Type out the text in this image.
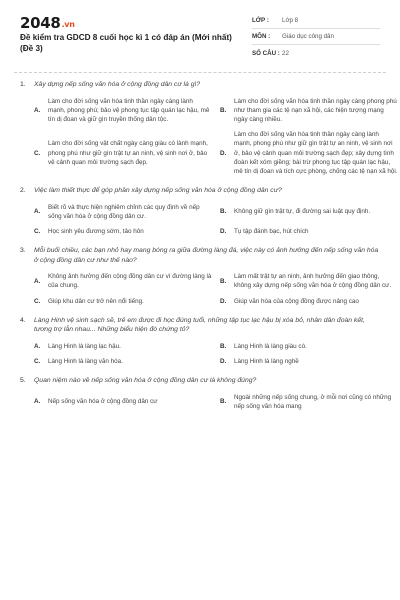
2048.vn
Đề kiểm tra GDCD 8 cuối học kì 1 có đáp án (Mới nhất) (Đề 3)
LỚP :	Lớp 8
MÔN :	Giáo dục công dân
SỐ CÂU : 22
1.	Xây dựng nếp sống văn hóa ở cộng đồng dân cư là gì?
A.
Làm cho đời sống văn hóa tinh thần ngày càng lành mạnh, phong phú; bảo vệ phong tục tập quán lạc hậu, mê tín dị đoan và giữ gìn truyền thống dân tộc.
B.
Làm cho đời sống văn hóa tinh thần ngày càng phong phú như tham gia các tệ nạn xã hội, các hiện tượng mạng ngày càng nhiều.
C.
Làm cho đời sống vật chất ngày càng giàu có lành mạnh, phong phú như giữ gìn trật tự an ninh, vệ sinh nơi ở, bảo vệ cảnh quan môi trường sạch đẹp.
D.
Làm cho đời sống văn hóa tinh thần ngày càng lành mạnh, phong phú như giữ gìn trật tự an ninh, vệ sinh nơi ở, bảo vệ cảnh quan môi trường sạch đẹp; xây dựng tình đoàn kết xóm giềng; bài trừ phong tục tập quán lạc hậu, mê tín dị đoan và tích cực phòng, chống các tệ nạn xã hội.
2.	Việc làm thiết thực để góp phần xây dựng nếp sống văn hóa ở cộng đồng dân cư?
A.
Biết rõ và thực hiện nghiêm chỉnh các quy định về nếp sống văn hóa ở cộng đồng dân cư.
B.	Không giữ gìn trật tự, đi đường sai luật quy định.
C.	Học sinh yêu đương sớm, tảo hôn	D.	Tụ tập đánh bạc, hút chích
3.	Mỗi buổi chiều, các bạn nhỏ hay mang bóng ra giữa đường làng đá, việc này có ảnh hưởng đến nếp sống văn hóa ở cộng đồng dân cư như thế nào?
A.
Không ảnh hưởng đến cộng đồng dân cư vì đường làng là của chung.
B.
Làm mất trật tự an ninh, ảnh hưởng đến giao thông, không xây dựng nếp sống văn hóa ở cộng đồng dân cư.
C.	Giúp khu dân cư trở nên nổi tiếng.	D.	Giúp văn hóa của cộng đồng được nâng cao
4.	Làng Hinh vệ sinh sạch sẽ, trẻ em được đi học đúng tuổi, những tập tục lạc hậu bị xóa bỏ, nhân dân đoàn kết, tương trợ lẫn nhau... Những biểu hiện đó chứng tỏ?
A.	Làng Hinh là làng lạc hậu.	B.	Làng Hinh là làng giàu có.
C.	Làng Hinh là làng văn hóa.	D.	Làng Hinh là làng nghề
5.	Quan niệm nào về nếp sống văn hóa ở cộng đồng dân cư là không đúng?
A.	Nếp sống văn hóa ở cộng đồng dân cư	B.
Ngoài những nếp sống chung, ở mỗi nơi cũng có những nếp sống văn hóa mang
